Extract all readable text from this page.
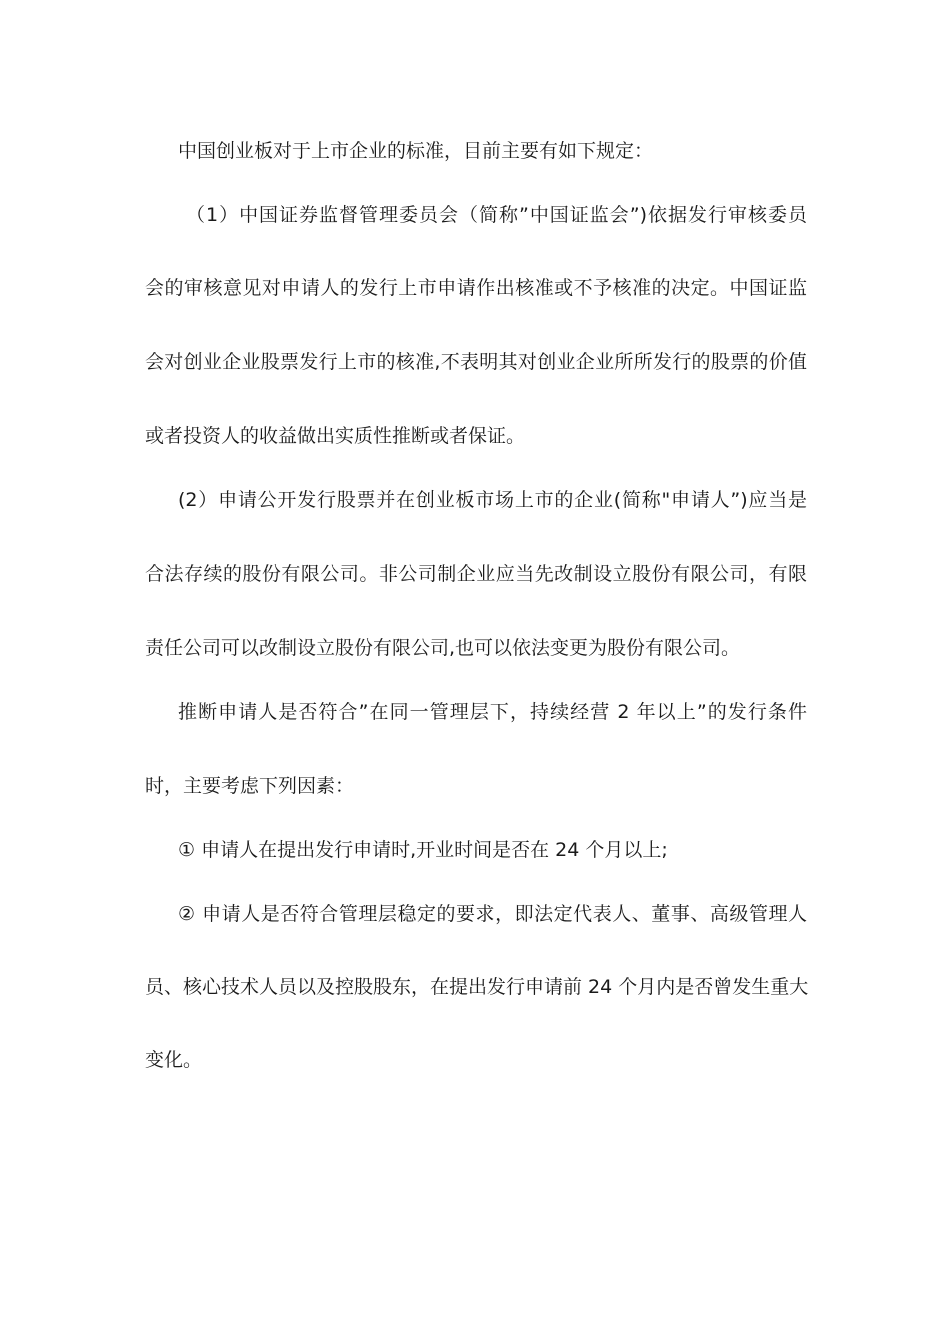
中国创业板对于上市企业的标准，目前主要有如下规定：
（1）中国证券监督管理委员会（简称”中国证监会”)依据发行审核委员
会的审核意见对申请人的发行上市申请作出核准或不予核准的决定。中国证监
会对创业企业股票发行上市的核准,不表明其对创业企业所所发行的股票的价值
或者投资人的收益做出实质性推断或者保证。
(2）申请公开发行股票并在创业板市场上市的企业(简称"申请人”)应当是
合法存续的股份有限公司。非公司制企业应当先改制设立股份有限公司，有限
责任公司可以改制设立股份有限公司,也可以依法变更为股份有限公司。
推断申请人是否符合”在同一管理层下，持续经营 2 年以上”的发行条件
时，主要考虑下列因素：
① 申请人在提出发行申请时,开业时间是否在 24 个月以上;
② 申请人是否符合管理层稳定的要求，即法定代表人、董事、高级管理人
员、核心技术人员以及控股股东，在提出发行申请前 24 个月内是否曾发生重大
变化。
